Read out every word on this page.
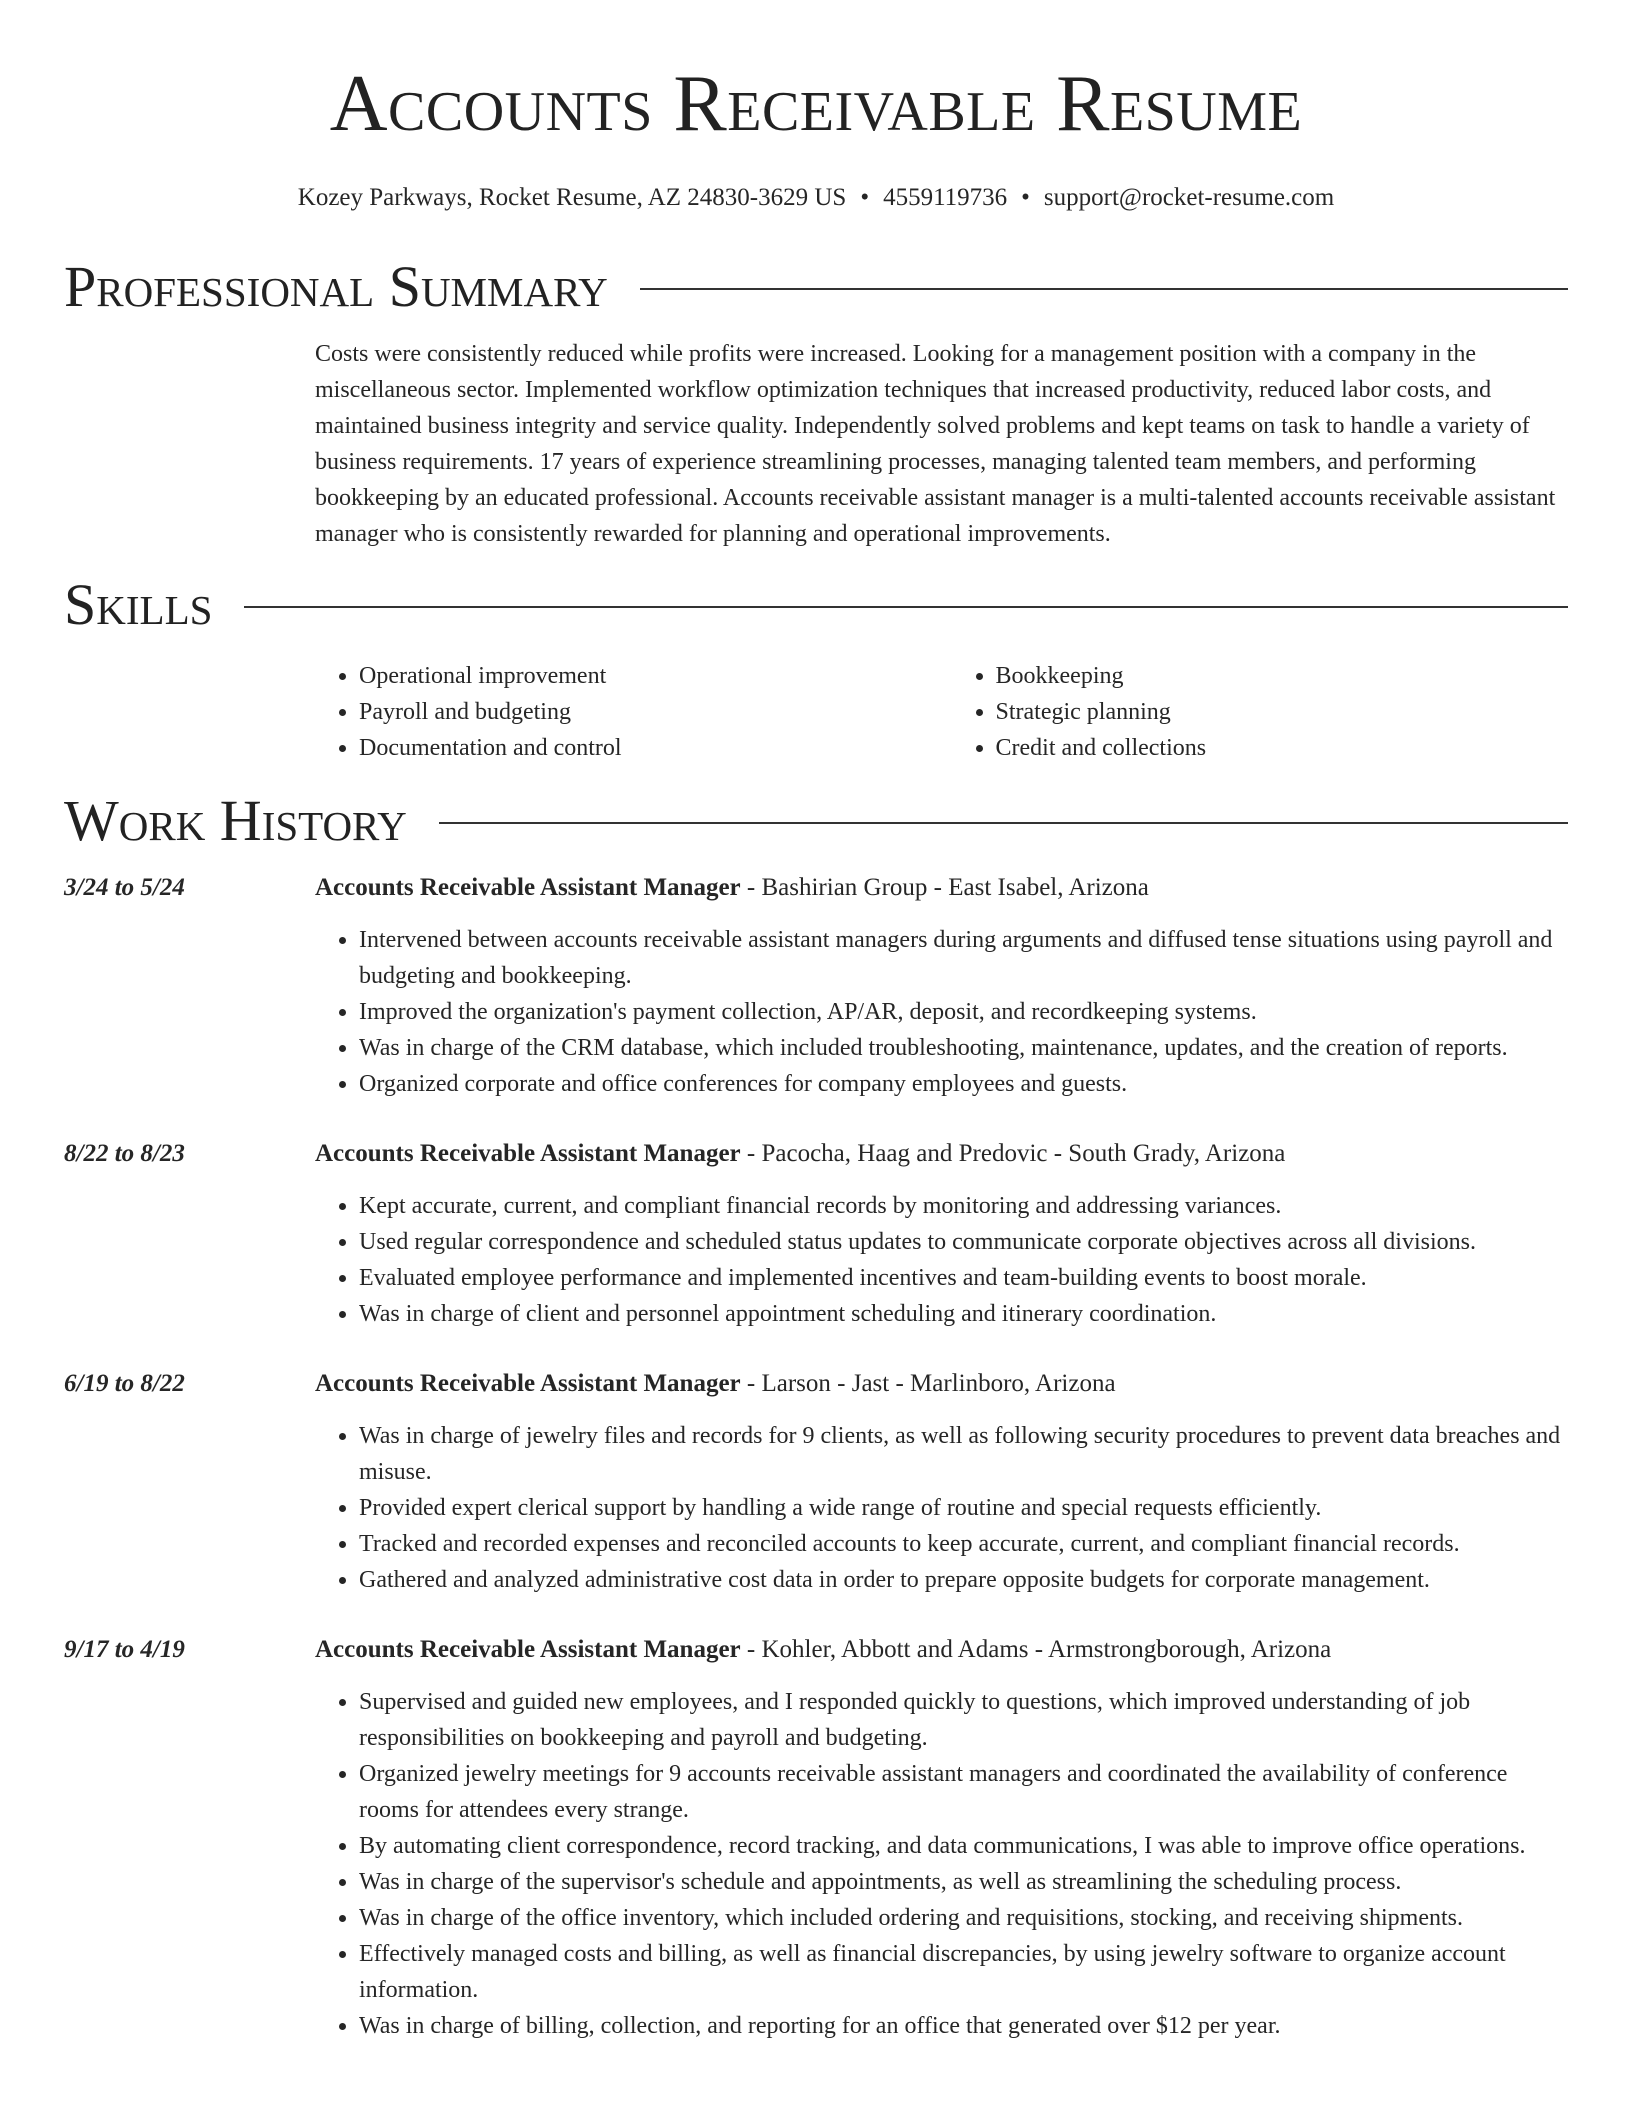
Accounts Receivable Resume
Kozey Parkways, Rocket Resume, AZ 24830-3629 US • 4559119736 • support@rocket-resume.com
Professional Summary

Costs were consistently reduced while profits were increased. Looking for a management position with a company in the miscellaneous sector. Implemented workflow optimization techniques that increased productivity, reduced labor costs, and maintained business integrity and service quality. Independently solved problems and kept teams on task to handle a variety of business requirements. 17 years of experience streamlining processes, managing talented team members, and performing bookkeeping by an educated professional. Accounts receivable assistant manager is a multi-talented accounts receivable assistant manager who is consistently rewarded for planning and operational improvements.

Skills
• Operational improvement
• Payroll and budgeting
• Documentation and control
• Bookkeeping
• Strategic planning
• Credit and collections
Work History
3/24 to 5/24	Accounts Receivable Assistant Manager - Bashirian Group - East Isabel, Arizona
• Intervened between accounts receivable assistant managers during arguments and diffused tense situations using payroll and budgeting and bookkeeping.
• Improved the organization's payment collection, AP/AR, deposit, and recordkeeping systems.
• Was in charge of the CRM database, which included troubleshooting, maintenance, updates, and the creation of reports.
• Organized corporate and office conferences for company employees and guests.
8/22 to 8/23	Accounts Receivable Assistant Manager - Pacocha, Haag and Predovic - South Grady, Arizona
• Kept accurate, current, and compliant financial records by monitoring and addressing variances.
• Used regular correspondence and scheduled status updates to communicate corporate objectives across all divisions.
• Evaluated employee performance and implemented incentives and team-building events to boost morale.
• Was in charge of client and personnel appointment scheduling and itinerary coordination.
6/19 to 8/22	Accounts Receivable Assistant Manager - Larson - Jast - Marlinboro, Arizona
• Was in charge of jewelry files and records for 9 clients, as well as following security procedures to prevent data breaches and misuse.
• Provided expert clerical support by handling a wide range of routine and special requests efficiently.
• Tracked and recorded expenses and reconciled accounts to keep accurate, current, and compliant financial records.
• Gathered and analyzed administrative cost data in order to prepare opposite budgets for corporate management.
9/17 to 4/19	Accounts Receivable Assistant Manager - Kohler, Abbott and Adams - Armstrongborough, Arizona
• Supervised and guided new employees, and I responded quickly to questions, which improved understanding of job responsibilities on bookkeeping and payroll and budgeting.
• Organized jewelry meetings for 9 accounts receivable assistant managers and coordinated the availability of conference rooms for attendees every strange.
• By automating client correspondence, record tracking, and data communications, I was able to improve office operations.
• Was in charge of the supervisor's schedule and appointments, as well as streamlining the scheduling process.
• Was in charge of the office inventory, which included ordering and requisitions, stocking, and receiving shipments.
• Effectively managed costs and billing, as well as financial discrepancies, by using jewelry software to organize account information.
• Was in charge of billing, collection, and reporting for an office that generated over $12 per year.
